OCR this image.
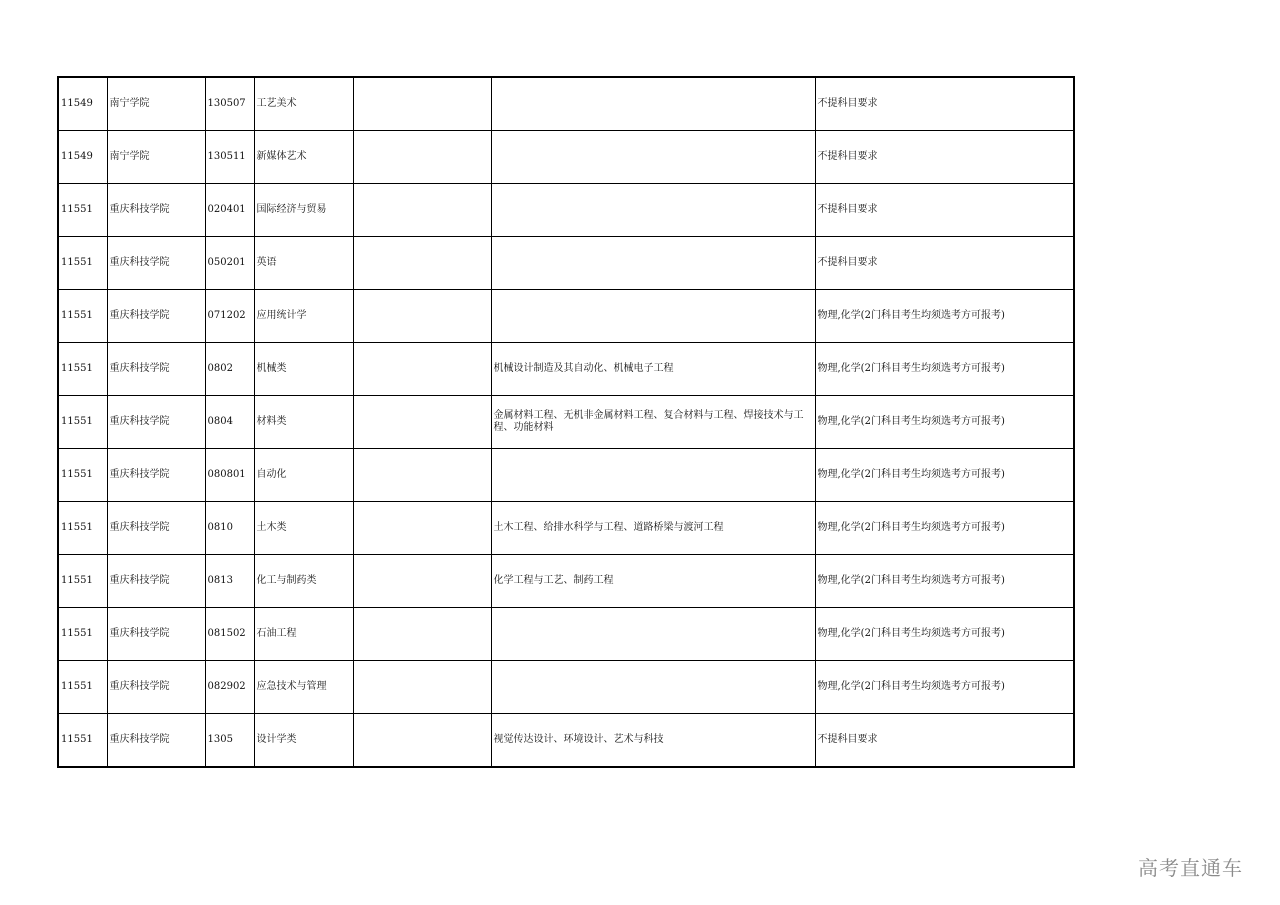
11549	南宁学院	130507	工艺美术			不提科目要求
11549	南宁学院	130511	新媒体艺术			不提科目要求
11551	重庆科技学院	020401	国际经济与贸易			不提科目要求
11551	重庆科技学院	050201	英语			不提科目要求
11551	重庆科技学院	071202	应用统计学			物理,化学(2门科目考生均须选考方可报考)
11551	重庆科技学院	0802	机械类		机械设计制造及其自动化、机械电子工程	物理,化学(2门科目考生均须选考方可报考)
11551	重庆科技学院	0804	材料类		金属材料工程、无机非金属材料工程、复合材料与工程、焊接技术与工程、功能材料	物理,化学(2门科目考生均须选考方可报考)
11551	重庆科技学院	080801	自动化			物理,化学(2门科目考生均须选考方可报考)
11551	重庆科技学院	0810	土木类		土木工程、给排水科学与工程、道路桥梁与渡河工程	物理,化学(2门科目考生均须选考方可报考)
11551	重庆科技学院	0813	化工与制药类		化学工程与工艺、制药工程	物理,化学(2门科目考生均须选考方可报考)
11551	重庆科技学院	081502	石油工程			物理,化学(2门科目考生均须选考方可报考)
11551	重庆科技学院	082902	应急技术与管理			物理,化学(2门科目考生均须选考方可报考)
11551	重庆科技学院	1305	设计学类		视觉传达设计、环境设计、艺术与科技	不提科目要求
高考直通车
